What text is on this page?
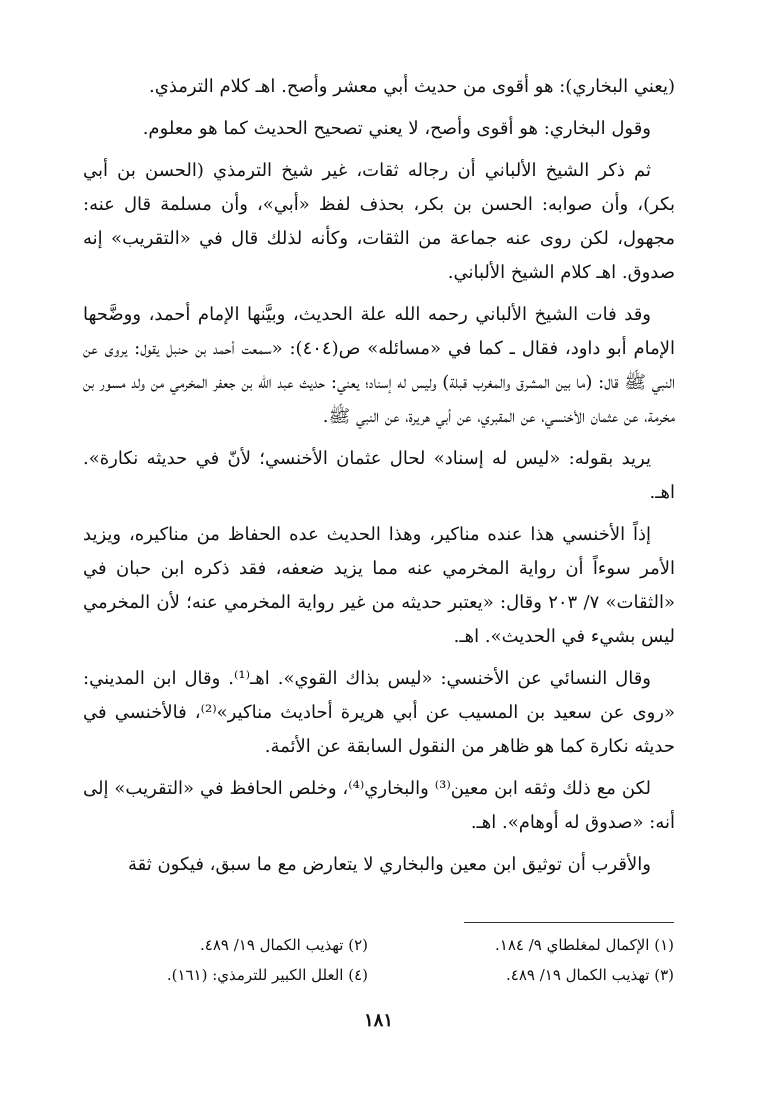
(يعني البخاري): هو أقوى من حديث أبي معشر وأصح. اهـ كلام الترمذي.

وقول البخاري: هو أقوى وأصح، لا يعني تصحيح الحديث كما هو معلوم.

ثم ذكر الشيخ الألباني أن رجاله ثقات، غير شيخ الترمذي (الحسن بن أبي بكر)، وأن صوابه: الحسن بن بكر، بحذف لفظ «أبي»، وأن مسلمة قال عنه: مجهول، لكن روى عنه جماعة من الثقات، وكأنه لذلك قال في «التقريب» إنه صدوق. اهـ كلام الشيخ الألباني.

وقد فات الشيخ الألباني رحمه الله علة الحديث، وبيَّنها الإمام أحمد، ووضَّحها الإمام أبو داود، فقال ـ كما في «مسائله» ص(٤٠٤): «سمعت أحمد بن حنبل يقول: يروى عن النبي ﷺ قال: (ما بين المشرق والمغرب قبلة) وليس له إسناد؛ يعني: حديث عبد الله بن جعفر المخرمي من ولد مسور بن مخرمة، عن عثمان الأخنسي، عن المقبري، عن أبي هريرة، عن النبي ﷺ.

يريد بقوله: «ليس له إسناد» لحال عثمان الأخنسي؛ لأنّ في حديثه نكارة». اهـ.

إذاً الأخنسي هذا عنده مناكير، وهذا الحديث عده الحفاظ من مناكيره، ويزيد الأمر سوءاً أن رواية المخرمي عنه مما يزيد ضعفه، فقد ذكره ابن حبان في «الثقات» ٧/ ٢٠٣ وقال: «يعتبر حديثه من غير رواية المخرمي عنه؛ لأن المخرمي ليس بشيء في الحديث». اهـ.

وقال النسائي عن الأخنسي: «ليس بذاك القوي». اهـ⁽¹⁾. وقال ابن المديني: «روى عن سعيد بن المسيب عن أبي هريرة أحاديث مناكير»⁽²⁾، فالأخنسي في حديثه نكارة كما هو ظاهر من النقول السابقة عن الأئمة.

لكن مع ذلك وثقه ابن معين⁽³⁾ والبخاري⁽⁴⁾، وخلص الحافظ في «التقريب» إلى أنه: «صدوق له أوهام». اهـ.

والأقرب أن توثيق ابن معين والبخاري لا يتعارض مع ما سبق، فيكون ثقة

(١) الإكمال لمغلطاي ٩/ ١٨٤.
(٢) تهذيب الكمال ١٩/ ٤٨٩.
(٣) تهذيب الكمال ١٩/ ٤٨٩.
(٤) العلل الكبير للترمذي: (١٦١).
١٨١
